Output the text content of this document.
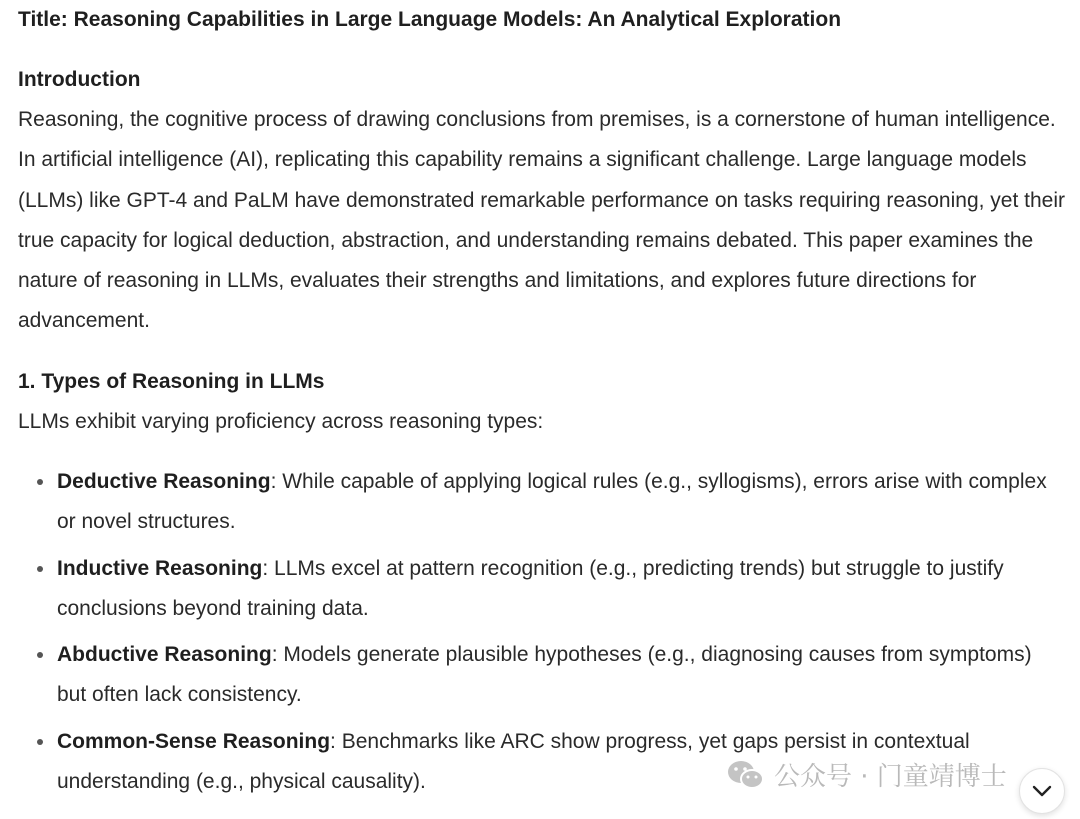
Title: Reasoning Capabilities in Large Language Models: An Analytical Exploration
Introduction
Reasoning, the cognitive process of drawing conclusions from premises, is a cornerstone of human intelligence. In artificial intelligence (AI), replicating this capability remains a significant challenge. Large language models (LLMs) like GPT-4 and PaLM have demonstrated remarkable performance on tasks requiring reasoning, yet their true capacity for logical deduction, abstraction, and understanding remains debated. This paper examines the nature of reasoning in LLMs, evaluates their strengths and limitations, and explores future directions for advancement.
1. Types of Reasoning in LLMs
LLMs exhibit varying proficiency across reasoning types:
Deductive Reasoning: While capable of applying logical rules (e.g., syllogisms), errors arise with complex or novel structures.
Inductive Reasoning: LLMs excel at pattern recognition (e.g., predicting trends) but struggle to justify conclusions beyond training data.
Abductive Reasoning: Models generate plausible hypotheses (e.g., diagnosing causes from symptoms) but often lack consistency.
Common-Sense Reasoning: Benchmarks like ARC show progress, yet gaps persist in contextual understanding (e.g., physical causality).	公众号 · 门童靖博士
